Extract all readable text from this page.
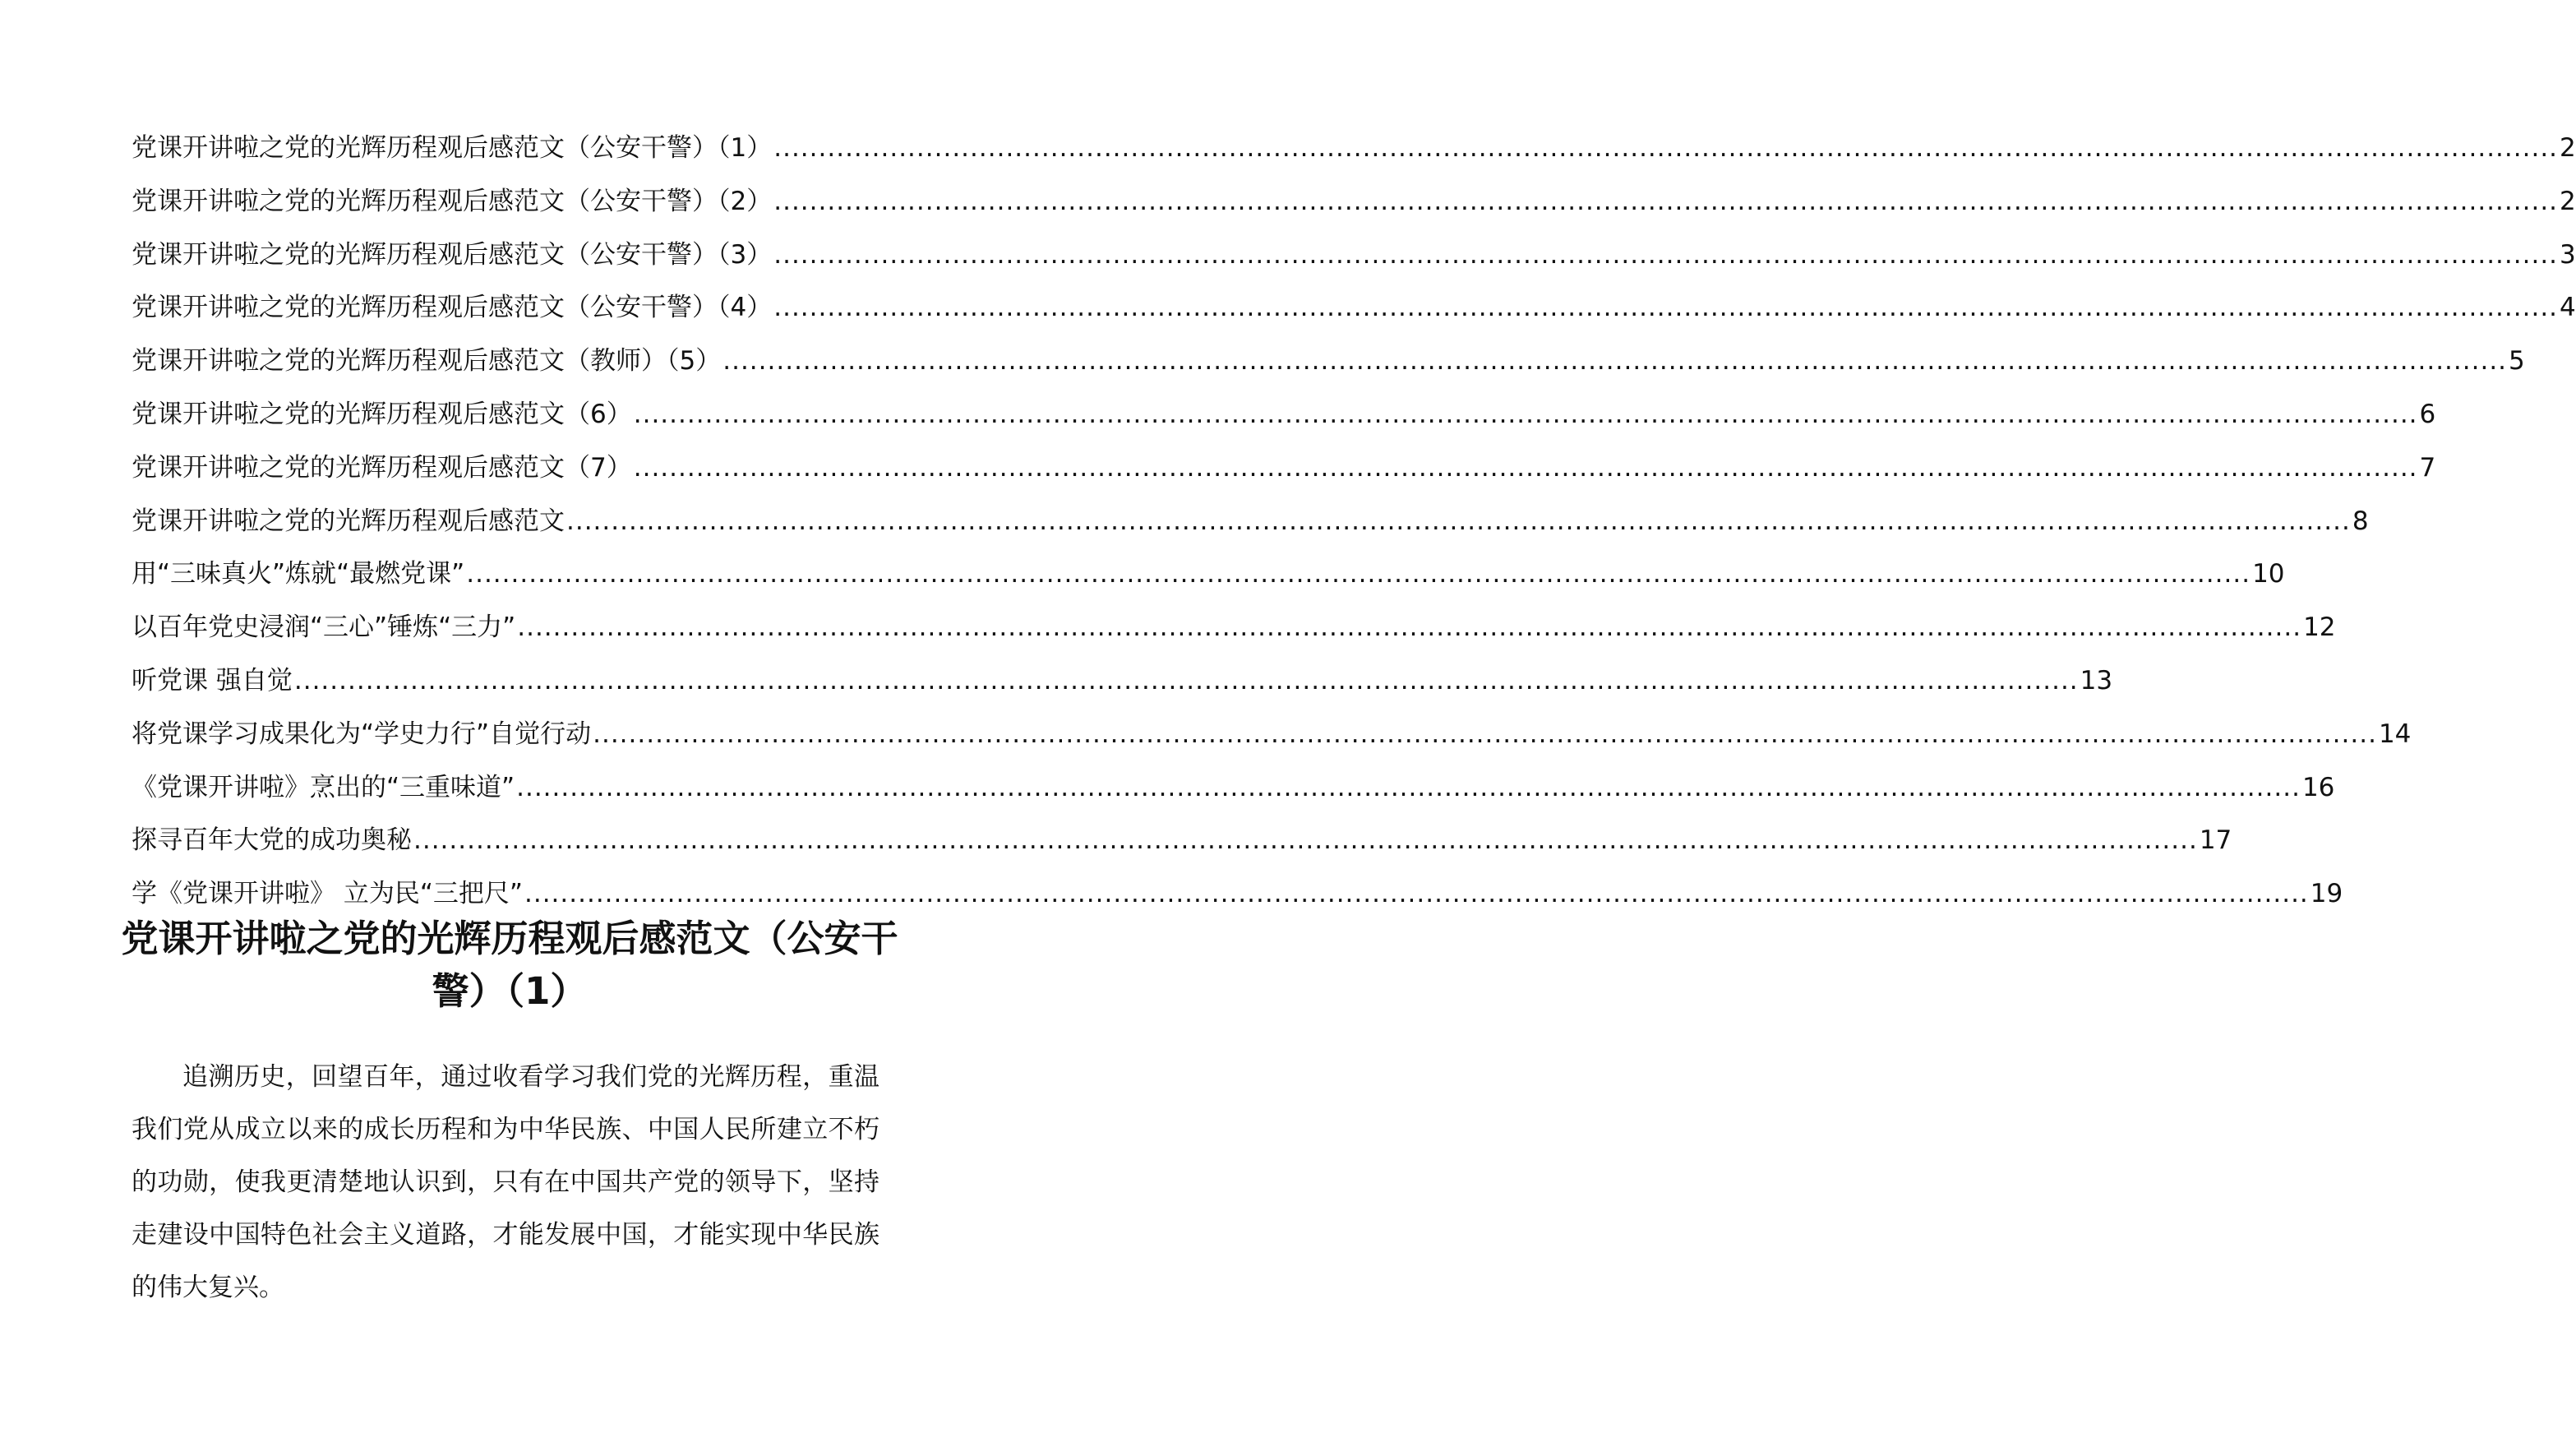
党课开讲啦之党的光辉历程观后感范文（公安干警）（1） ........................................................................................................................................................................................................ 2
党课开讲啦之党的光辉历程观后感范文（公安干警）（2） ........................................................................................................................................................................................................ 2
党课开讲啦之党的光辉历程观后感范文（公安干警）（3） ........................................................................................................................................................................................................ 3
党课开讲啦之党的光辉历程观后感范文（公安干警）（4） ........................................................................................................................................................................................................ 4
党课开讲啦之党的光辉历程观后感范文（教师）（5） ........................................................................................................................................................................................................ 5
党课开讲啦之党的光辉历程观后感范文（6） ........................................................................................................................................................................................................ 6
党课开讲啦之党的光辉历程观后感范文（7） ........................................................................................................................................................................................................ 7
党课开讲啦之党的光辉历程观后感范文 ........................................................................................................................................................................................................ 8
用“三味真火”炼就“最燃党课” ........................................................................................................................................................................................................ 10
以百年党史浸润“三心”锤炼“三力” ........................................................................................................................................................................................................ 12
听党课 强自觉 ........................................................................................................................................................................................................ 13
将党课学习成果化为“学史力行”自觉行动 ........................................................................................................................................................................................................ 14
《党课开讲啦》烹出的“三重味道” ........................................................................................................................................................................................................ 16
探寻百年大党的成功奥秘 ........................................................................................................................................................................................................ 17
学《党课开讲啦》 立为民“三把尺” ........................................................................................................................................................................................................ 19
党课开讲啦之党的光辉历程观后感范文（公安干警）（1）

追溯历史，回望百年，通过收看学习我们党的光辉历程，重温我们党从成立以来的成长历程和为中华民族、中国人民所建立不朽的功勋，使我更清楚地认识到，只有在中国共产党的领导下，坚持走建设中国特色社会主义道路，才能发展中国，才能实现中华民族的伟大复兴。
